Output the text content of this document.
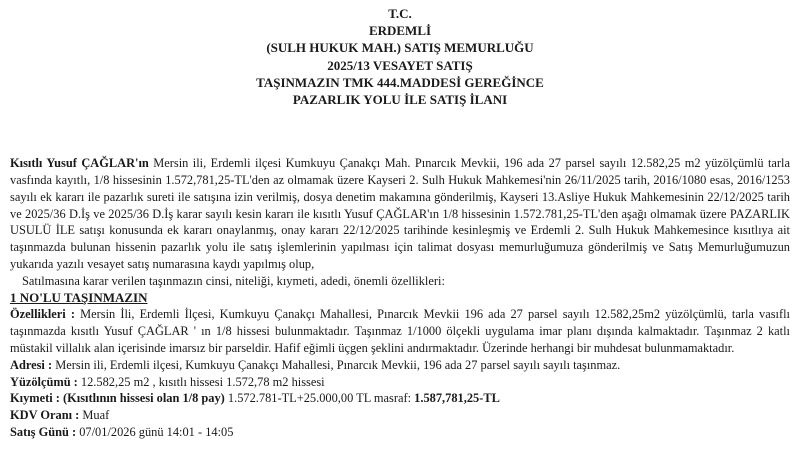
T.C.
ERDEMLİ
(SULH HUKUK MAH.) SATIŞ MEMURLUĞU
2025/13 VESAYET SATIŞ
TAŞINMAZIN TMK 444.MADDESİ GEREĞİNCE
PAZARLIK YOLU İLE SATIŞ İLANI
Kısıtlı Yusuf ÇAĞLAR'ın Mersin ili, Erdemli ilçesi Kumkuyu Çanakçı Mah. Pınarcık Mevkii, 196 ada 27 parsel sayılı 12.582,25 m2 yüzölçümlü tarla vasfında kayıtlı, 1/8 hissesinin 1.572,781,25-TL'den az olmamak üzere Kayseri 2. Sulh Hukuk Mahkemesi'nin 26/11/2025 tarih, 2016/1080 esas, 2016/1253 sayılı ek kararı ile pazarlık sureti ile satışına izin verilmiş, dosya denetim makamına gönderilmiş, Kayseri 13.Asliye Hukuk Mahkemesinin 22/12/2025 tarih ve 2025/36 D.İş ve 2025/36 D.İş karar sayılı kesin kararı ile kısıtlı Yusuf ÇAĞLAR'ın 1/8 hissesinin 1.572.781,25-TL'den aşağı olmamak üzere PAZARLIK USULÜ İLE satışı konusunda ek kararı onaylanmış, onay kararı 22/12/2025 tarihinde kesinleşmiş ve Erdemli 2. Sulh Hukuk Mahkemesince kısıtlıya ait taşınmazda bulunan hissenin pazarlık yolu ile satış işlemlerinin yapılması için talimat dosyası memurluğumuza gönderilmiş ve Satış Memurluğumuzun yukarıda yazılı vesayet satış numarasına kaydı yapılmış olup,
Satılmasına karar verilen taşınmazın cinsi, niteliği, kıymeti, adedi, önemli özellikleri:
1 NO'LU TAŞINMAZIN
Özellikleri : Mersin İli, Erdemli İlçesi, Kumkuyu Çanakçı Mahallesi, Pınarcık Mevkii 196 ada 27 parsel sayılı 12.582,25m2 yüzölçümlü, tarla vasıflı taşınmazda kısıtlı Yusuf ÇAĞLAR ' ın 1/8 hissesi bulunmaktadır. Taşınmaz 1/1000 ölçekli uygulama imar planı dışında kalmaktadır. Taşınmaz 2 katlı müstakil villalık alan içerisinde imarsız bir parseldir. Hafif eğimli üçgen şeklini andırmaktadır. Üzerinde herhangi bir muhdesat bulunmamaktadır.
Adresi : Mersin ili, Erdemli ilçesi, Kumkuyu Çanakçı Mahallesi, Pınarcık Mevkii, 196 ada 27 parsel sayılı sayılı taşınmaz.
Yüzölçümü : 12.582,25 m2 , kısıtlı hissesi 1.572,78 m2 hissesi
Kıymeti : (Kısıtlının hissesi olan 1/8 pay) 1.572.781-TL+25.000,00 TL masraf: 1.587,781,25-TL
KDV Oranı : Muaf
Satış Günü : 07/01/2026 günü 14:01 - 14:05
